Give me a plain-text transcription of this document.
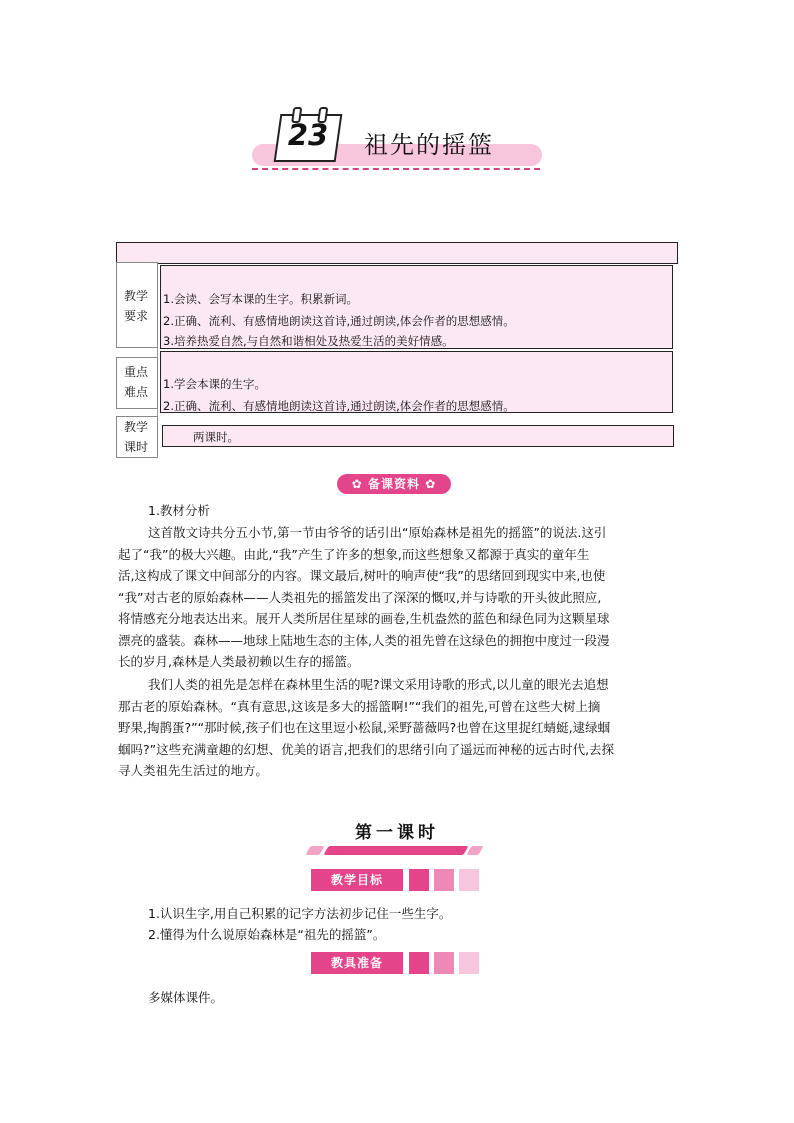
23 祖先的摇篮
教学
要求
1.会读、会写本课的生字。积累新词。
2.正确、流利、有感情地朗读这首诗,通过朗读,体会作者的思想感情。
3.培养热爱自然,与自然和谐相处及热爱生活的美好情感。
重点
难点
1.学会本课的生字。
2.正确、流利、有感情地朗读这首诗,通过朗读,体会作者的思想感情。
教学
课时
两课时。
✿ 备课资料 ✿
1.教材分析
这首散文诗共分五小节,第一节由爷爷的话引出“原始森林是祖先的摇篮”的说法.这引
起了“我”的极大兴趣。由此,“我”产生了许多的想象,而这些想象又都源于真实的童年生
活,这构成了课文中间部分的内容。课文最后,树叶的响声使“我”的思绪回到现实中来,也使
“我”对古老的原始森林——人类祖先的摇篮发出了深深的慨叹,并与诗歌的开头彼此照应,
将情感充分地表达出来。展开人类所居住星球的画卷,生机盎然的蓝色和绿色同为这颗星球
漂亮的盛装。森林——地球上陆地生态的主体,人类的祖先曾在这绿色的拥抱中度过一段漫
长的岁月,森林是人类最初赖以生存的摇篮。
我们人类的祖先是怎样在森林里生活的呢?课文采用诗歌的形式,以儿童的眼光去追想
那古老的原始森林。“真有意思,这该是多大的摇篮啊!”“我们的祖先,可曾在这些大树上摘
野果,掏鹊蛋?”“那时候,孩子们也在这里逗小松鼠,采野蔷薇吗?也曾在这里捉红蜻蜓,逮绿蝈
蝈吗?”这些充满童趣的幻想、优美的语言,把我们的思绪引向了遥远而神秘的远古时代,去探
寻人类祖先生活过的地方。
第一课时
教学目标
1.认识生字,用自己积累的记字方法初步记住一些生字。
2.懂得为什么说原始森林是“祖先的摇篮”。
教具准备
多媒体课件。
